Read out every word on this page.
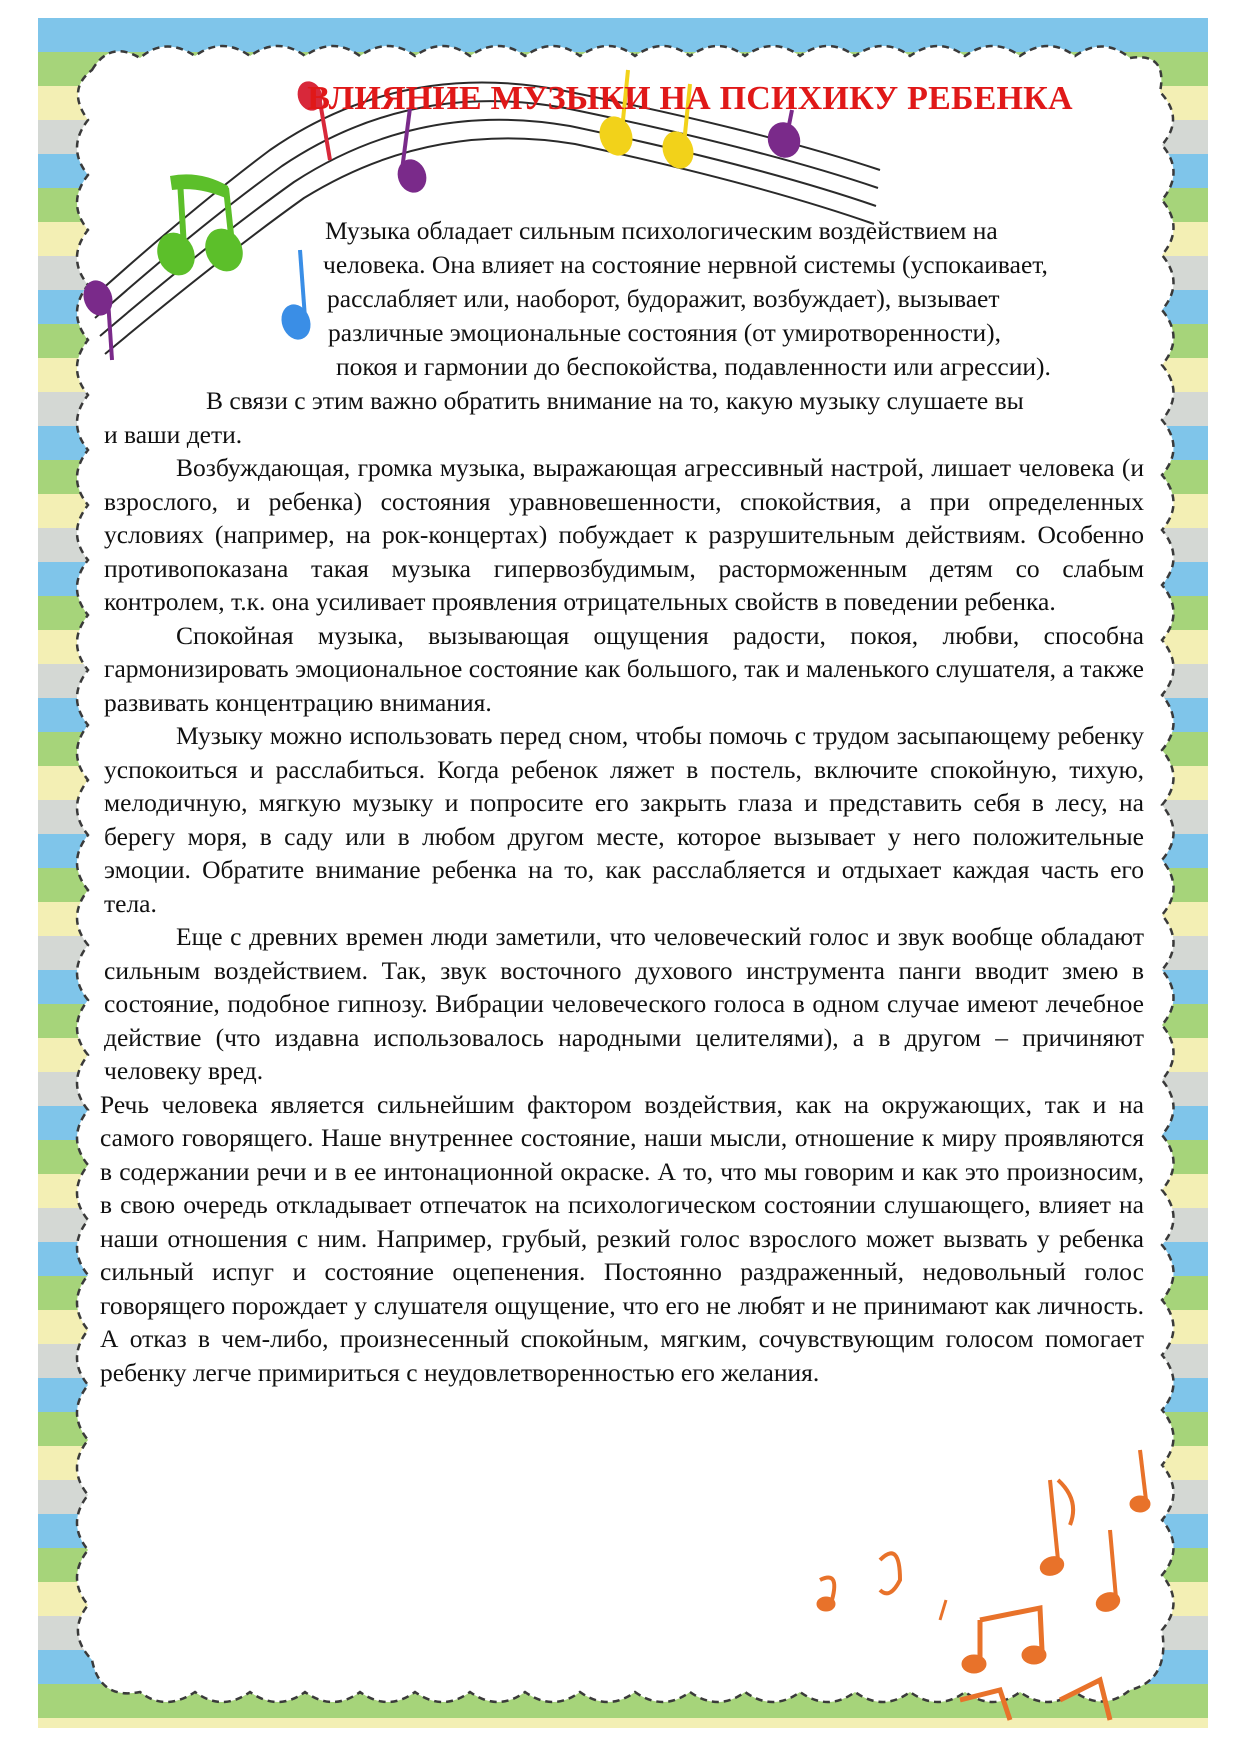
ВЛИЯНИЕ МУЗЫКИ НА ПСИХИКУ РЕБЕНКА
Музыка обладает сильным психологическим воздействием на
человека. Она влияет на состояние нервной системы (успокаивает,
расслабляет или, наоборот, будоражит, возбуждает), вызывает
различные эмоциональные состояния (от умиротворенности),
покоя и гармонии до беспокойства, подавленности или агрессии).
В связи с этим важно обратить внимание на то, какую музыку слушаете вы
и ваши дети.
Возбуждающая, громка музыка, выражающая агрессивный настрой, лишает человека (и взрослого, и ребенка) состояния уравновешенности, спокойствия, а при определенных условиях (например, на рок-концертах) побуждает к разрушительным действиям. Особенно противопоказана такая музыка гипервозбудимым, расторможенным детям со слабым контролем, т.к. она усиливает проявления отрицательных свойств в поведении ребенка.
Спокойная музыка, вызывающая ощущения радости, покоя, любви, способна гармонизировать эмоциональное состояние как большого, так и маленького слушателя, а также развивать концентрацию внимания.
Музыку можно использовать перед сном, чтобы помочь с трудом засыпающему ребенку успокоиться и расслабиться. Когда ребенок ляжет в постель, включите спокойную, тихую, мелодичную, мягкую музыку и попросите его закрыть глаза и представить себя в лесу, на берегу моря, в саду или в любом другом месте, которое вызывает у него положительные эмоции. Обратите внимание ребенка на то, как расслабляется и отдыхает каждая часть его тела.
Еще с древних времен люди заметили, что человеческий голос и звук вообще обладают сильным воздействием. Так, звук восточного духового инструмента панги вводит змею в состояние, подобное гипнозу. Вибрации человеческого голоса в одном случае имеют лечебное действие (что издавна использовалось народными целителями), а в другом – причиняют человеку вред.
Речь человека является сильнейшим фактором воздействия, как на окружающих, так и на самого говорящего. Наше внутреннее состояние, наши мысли, отношение к миру проявляются в содержании речи и в ее интонационной окраске. А то, что мы говорим и как это произносим, в свою очередь откладывает отпечаток на психологическом состоянии слушающего, влияет на наши отношения с ним. Например, грубый, резкий голос взрослого может вызвать у ребенка сильный испуг и состояние оцепенения. Постоянно раздраженный, недовольный голос говорящего порождает у слушателя ощущение, что его не любят и не принимают как личность. А отказ в чем-либо, произнесенный спокойным, мягким, сочувствующим голосом помогает ребенку легче примириться с неудовлетворенностью его желания.
